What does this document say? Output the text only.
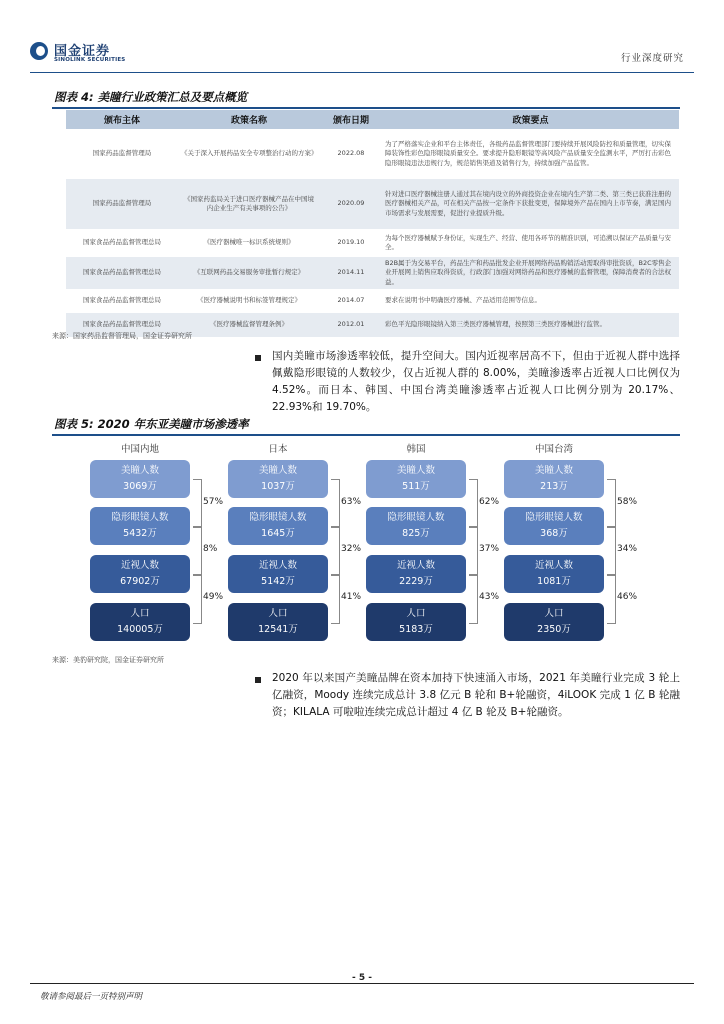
国金证券
SINOLINK SECURITIES	行业深度研究
图表 4: 美瞳行业政策汇总及要点概览
颁布主体	政策名称	颁布日期	政策要点
国家药品监督管理局	《关于深入开展药品安全专项整治行动的方案》	2022.08	为了严格落实企业和平台主体责任，各级药品监督管理部门要持续开展风险防控和质量管理，切实保障装饰性彩色隐形眼镜质量安全。要求提升隐形眼镜等高风险产品质量安全监测水平，严厉打击彩色隐形眼镜违法违规行为，规范销售渠道及销售行为，持续加强产品监管。
国家药品监督管理局	《国家药监局关于进口医疗器械产品在中国境内企业生产有关事项的公告》	2020.09	针对进口医疗器械注册人通过其在境内设立的外商投资企业在境内生产第二类、第三类已获准注册的医疗器械相关产品，可在相关产品按一定条件下获批变更，保障境外产品在国内上市节奏，满足国内市场需求与发展需要，促进行业提质升级。
国家食品药品监督管理总局	《医疗器械唯一标识系统规则》	2019.10	为每个医疗器械赋予身份证，实现生产、经营、使用各环节的精准识别，可追溯以保证产品质量与安全。
国家食品药品监督管理总局	《互联网药品交易服务审批暂行规定》	2014.11	B2B属于为交易平台，药品生产和药品批发企业开展网络药品购销活动需取得审批资质，B2C零售企业开展网上销售应取得资质，行政部门加强对网络药品和医疗器械的监督管理，保障消费者的合法权益。
国家食品药品监督管理总局	《医疗器械说明书和标签管理规定》	2014.07	要求在说明书中明确医疗器械、产品适用范围等信息。
国家食品药品监督管理总局	《医疗器械监督管理条例》	2012.01	彩色平光隐形眼镜纳入第三类医疗器械管理，按照第三类医疗器械进行监管。
来源：国家药品监督管理局，国金证券研究所
国内美瞳市场渗透率较低，提升空间大。国内近视率居高不下，但由于近视人群中选择佩戴隐形眼镜的人数较少，仅占近视人群的 8.00%，美瞳渗透率占近视人口比例仅为 4.52%。而日本、韩国、中国台湾美瞳渗透率占近视人口比例分别为 20.17%、22.93%和 19.70%。
图表 5: 2020 年东亚美瞳市场渗透率
中国内地
美瞳人数
3069万
隐形眼镜人数
5432万
近视人数
67902万
人口
140005万
57%
8%
49%
日本
美瞳人数
1037万
隐形眼镜人数
1645万
近视人数
5142万
人口
12541万
63%
32%
41%
韩国
美瞳人数
511万
隐形眼镜人数
825万
近视人数
2229万
人口
5183万
62%
37%
43%
中国台湾
美瞳人数
213万
隐形眼镜人数
368万
近视人数
1081万
人口
2350万
58%
34%
46%
来源：美豹研究院，国金证券研究所
2020 年以来国产美瞳品牌在资本加持下快速涌入市场，2021 年美瞳行业完成 3 轮上亿融资，Moody 连续完成总计 3.8 亿元 B 轮和 B+轮融资，4iLOOK 完成 1 亿 B 轮融资；KILALA 可啦啦连续完成总计超过 4 亿 B 轮及 B+轮融资。
- 5 -
敬请参阅最后一页特别声明
